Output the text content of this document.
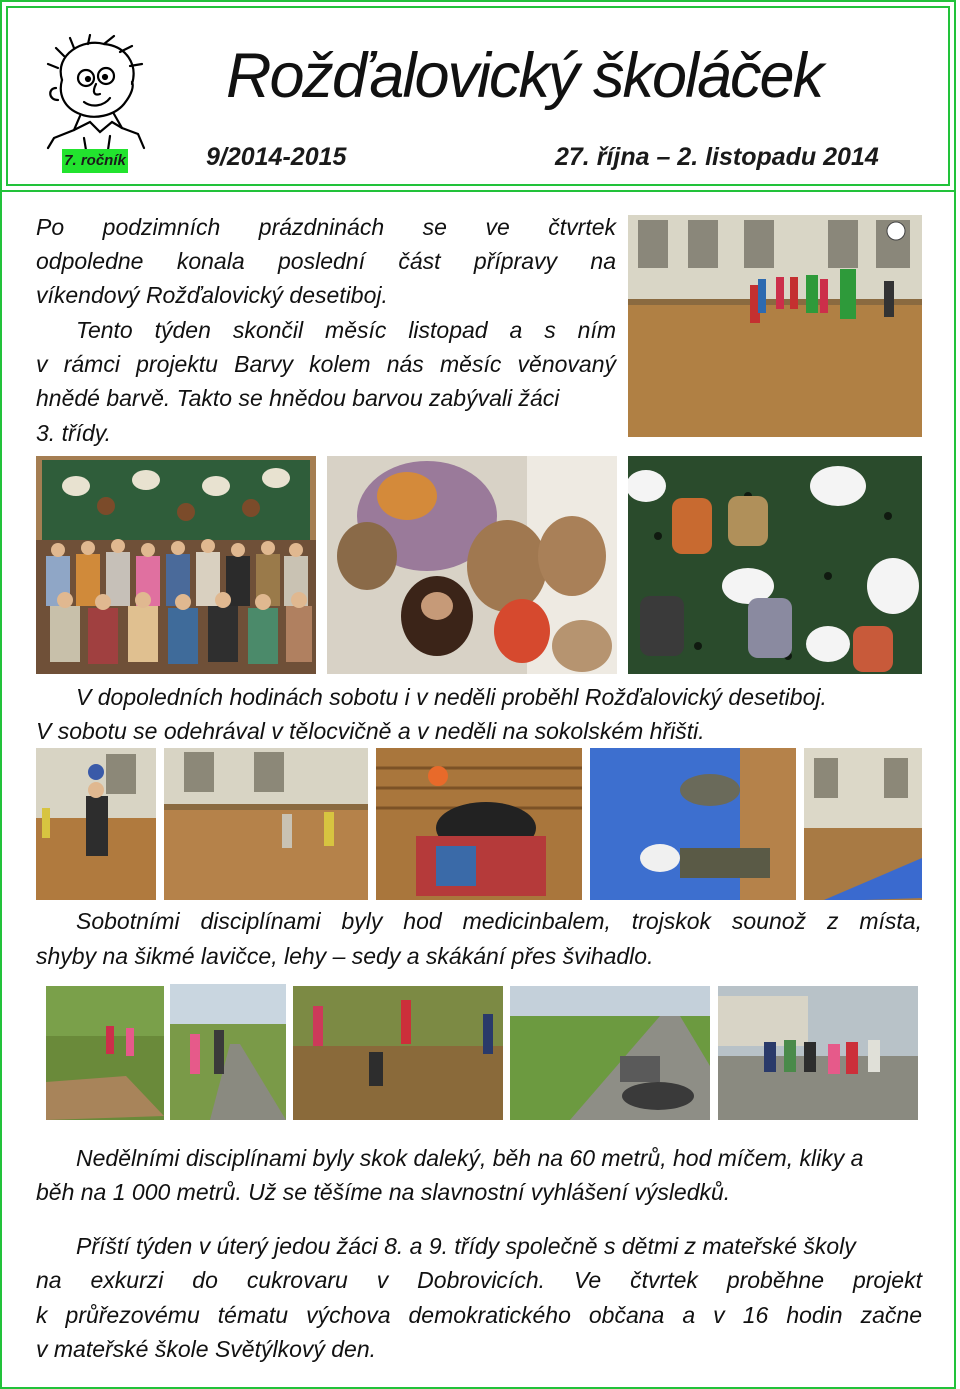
Rožďalovický školáček
7. ročník	9/2014-2015	27. října – 2. listopadu 2014
Po podzimních prázdninách se ve čtvrtek
odpoledne konala poslední část přípravy na
víkendový Rožďalovický desetiboj.
Tento týden skončil měsíc listopad a s ním
v rámci projektu Barvy kolem nás měsíc věnovaný
hnědé barvě. Takto se hnědou barvou zabývali žáci
3. třídy.
V dopoledních hodinách sobotu i v neděli proběhl Rožďalovický desetiboj.
V sobotu se odehrával v tělocvičně a v neděli na sokolském hřišti.
Sobotními disciplínami byly hod medicinbalem, trojskok sounož z místa,
shyby na šikmé lavičce, lehy – sedy a skákání přes švihadlo.
Nedělními disciplínami byly skok daleký, běh na 60 metrů, hod míčem, kliky a
běh na 1 000 metrů. Už se těšíme na slavnostní vyhlášení výsledků.
Příští týden v úterý jedou žáci 8. a 9. třídy společně s dětmi z mateřské školy
na exkurzi do cukrovaru v Dobrovicích. Ve čtvrtek proběhne projekt
k průřezovému tématu výchova demokratického občana a v 16 hodin začne
v mateřské škole Světýlkový den.
